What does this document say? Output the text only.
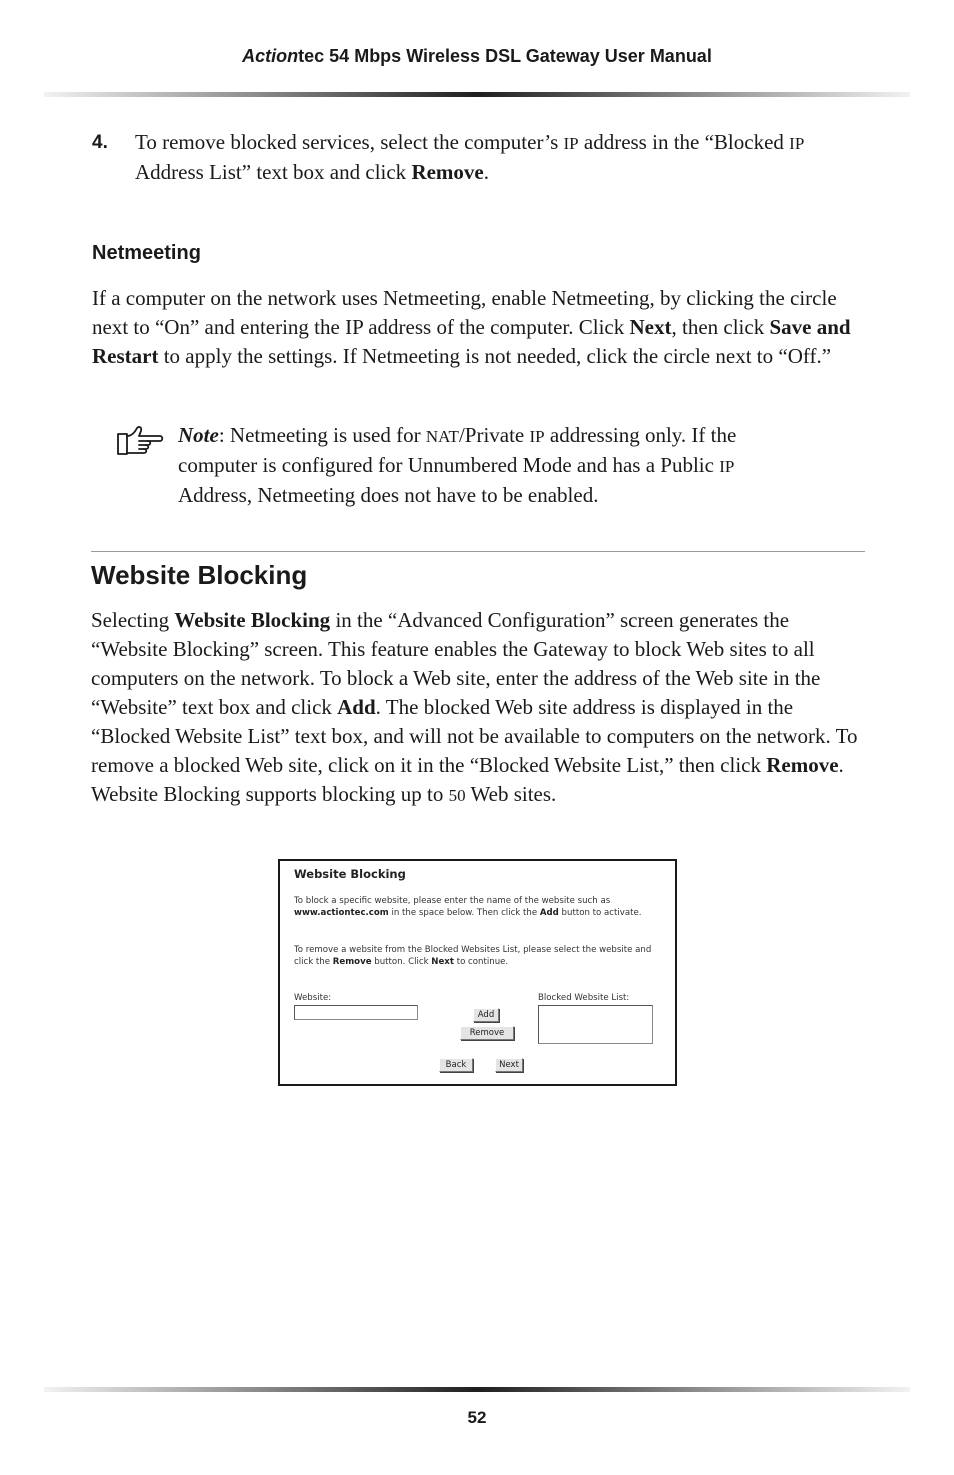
Actiontec 54 Mbps Wireless DSL Gateway User Manual
4. To remove blocked services, select the computer’s IP address in the “Blocked IP Address List” text box and click Remove.
Netmeeting
If a computer on the network uses Netmeeting, enable Netmeeting, by clicking the circle next to “On” and entering the IP address of the computer. Click Next, then click Save and Restart to apply the settings. If Netmeeting is not needed, click the circle next to “Off.”
Note: Netmeeting is used for NAT/Private IP addressing only. If the computer is configured for Unnumbered Mode and has a Public IP Address, Netmeeting does not have to be enabled.
Website Blocking
Selecting Website Blocking in the “Advanced Configuration” screen generates the “Website Blocking” screen. This feature enables the Gateway to block Web sites to all computers on the network. To block a Web site, enter the address of the Web site in the “Website” text box and click Add. The blocked Web site address is displayed in the “Blocked Website List” text box, and will not be available to computers on the network. To remove a blocked Web site, click on it in the “Blocked Website List,” then click Remove. Website Blocking supports blocking up to 50 Web sites.
Website Blocking
To block a specific website, please enter the name of the website such as www.actiontec.com in the space below. Then click the Add button to activate.
To remove a website from the Blocked Websites List, please select the website and click the Remove button. Click Next to continue.
Website:
Add
Remove
Blocked Website List:
Back	Next
52
